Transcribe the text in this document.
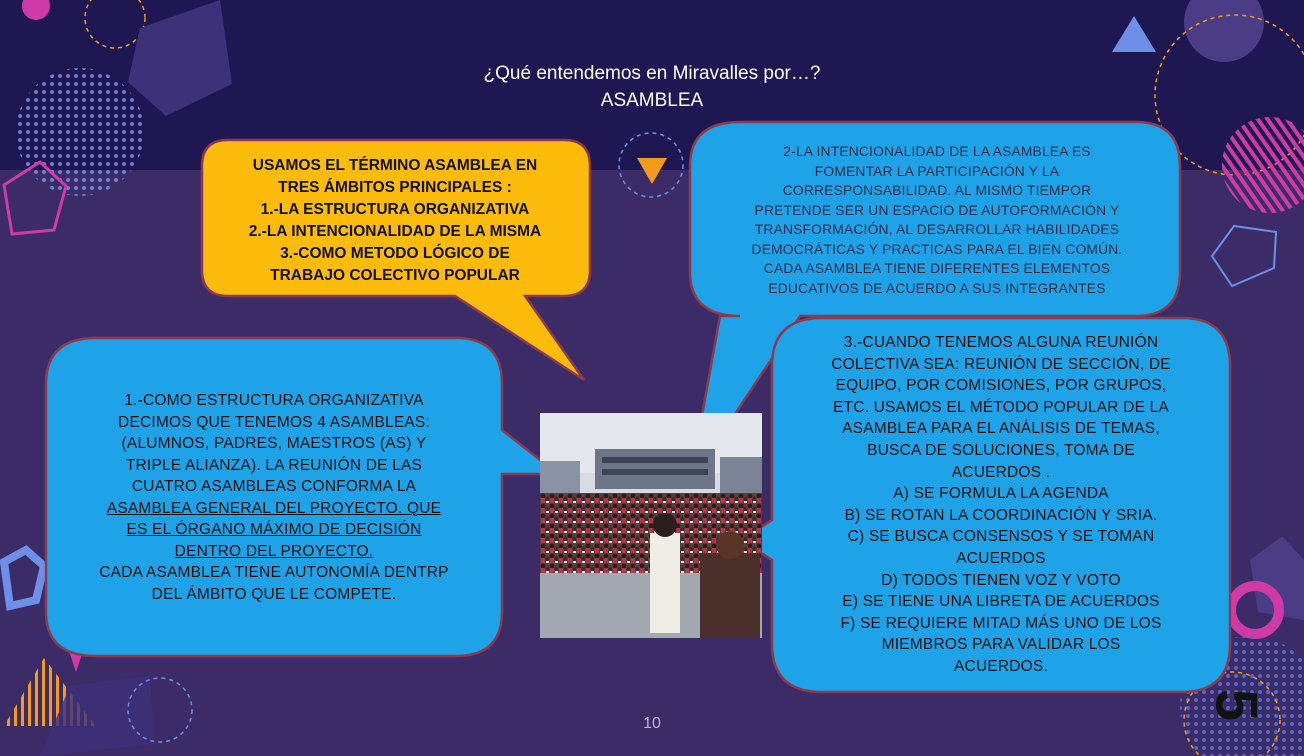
¿Qué entendemos en Miravalles por…?
ASAMBLEA
USAMOS EL TÉRMINO ASAMBLEA EN
TRES ÁMBITOS PRINCIPALES :
1.-LA ESTRUCTURA ORGANIZATIVA
2.-LA INTENCIONALIDAD DE LA MISMA
3.-COMO METODO LÓGICO DE
TRABAJO COLECTIVO POPULAR
2-LA INTENCIONALIDAD DE LA ASAMBLEA ES
FOMENTAR LA PARTICIPACIÓN Y LA
CORRESPONSABILIDAD. AL MISMO TIEMPOR
PRETENDE SER UN ESPACIO DE AUTOFORMACIÓN Y
TRANSFORMACIÓN, AL DESARROLLAR HABILIDADES
DEMOCRÁTICAS Y PRACTICAS PARA EL BIEN COMÚN.
CADA ASAMBLEA TIENE DIFERENTES ELEMENTOS
EDUCATIVOS DE ACUERDO A SUS INTEGRANTES
1.-COMO ESTRUCTURA ORGANIZATIVA
DECIMOS QUE TENEMOS 4 ASAMBLEAS:
(ALUMNOS, PADRES, MAESTROS (AS) Y
TRIPLE ALIANZA). LA REUNIÓN DE LAS
CUATRO ASAMBLEAS CONFORMA LA
ASAMBLEA GENERAL DEL PROYECTO. QUE
ES EL ÓRGANO MÁXIMO DE DECISIÓN
DENTRO DEL PROYECTO.
CADA ASAMBLEA TIENE AUTONOMÍA DENTRP
DEL ÁMBITO QUE LE COMPETE.
3.-CUANDO TENEMOS ALGUNA REUNIÓN
COLECTIVA SEA: REUNIÓN DE SECCIÓN, DE
EQUIPO, POR COMISIONES, POR GRUPOS,
ETC. USAMOS EL MÉTODO POPULAR DE LA
ASAMBLEA PARA EL ANÁLISIS DE TEMAS,
BUSCA DE SOLUCIONES, TOMA DE
ACUERDOS .
A) SE FORMULA LA AGENDA
B) SE ROTAN LA COORDINACIÓN Y SRIA.
C) SE BUSCA CONSENSOS Y SE TOMAN
ACUERDOS
D) TODOS TIENEN VOZ Y VOTO
E) SE TIENE UNA LIBRETA DE ACUERDOS
F) SE REQUIERE MITAD MÁS UNO DE LOS
MIEMBROS PARA VALIDAR LOS
ACUERDOS.
5
10
